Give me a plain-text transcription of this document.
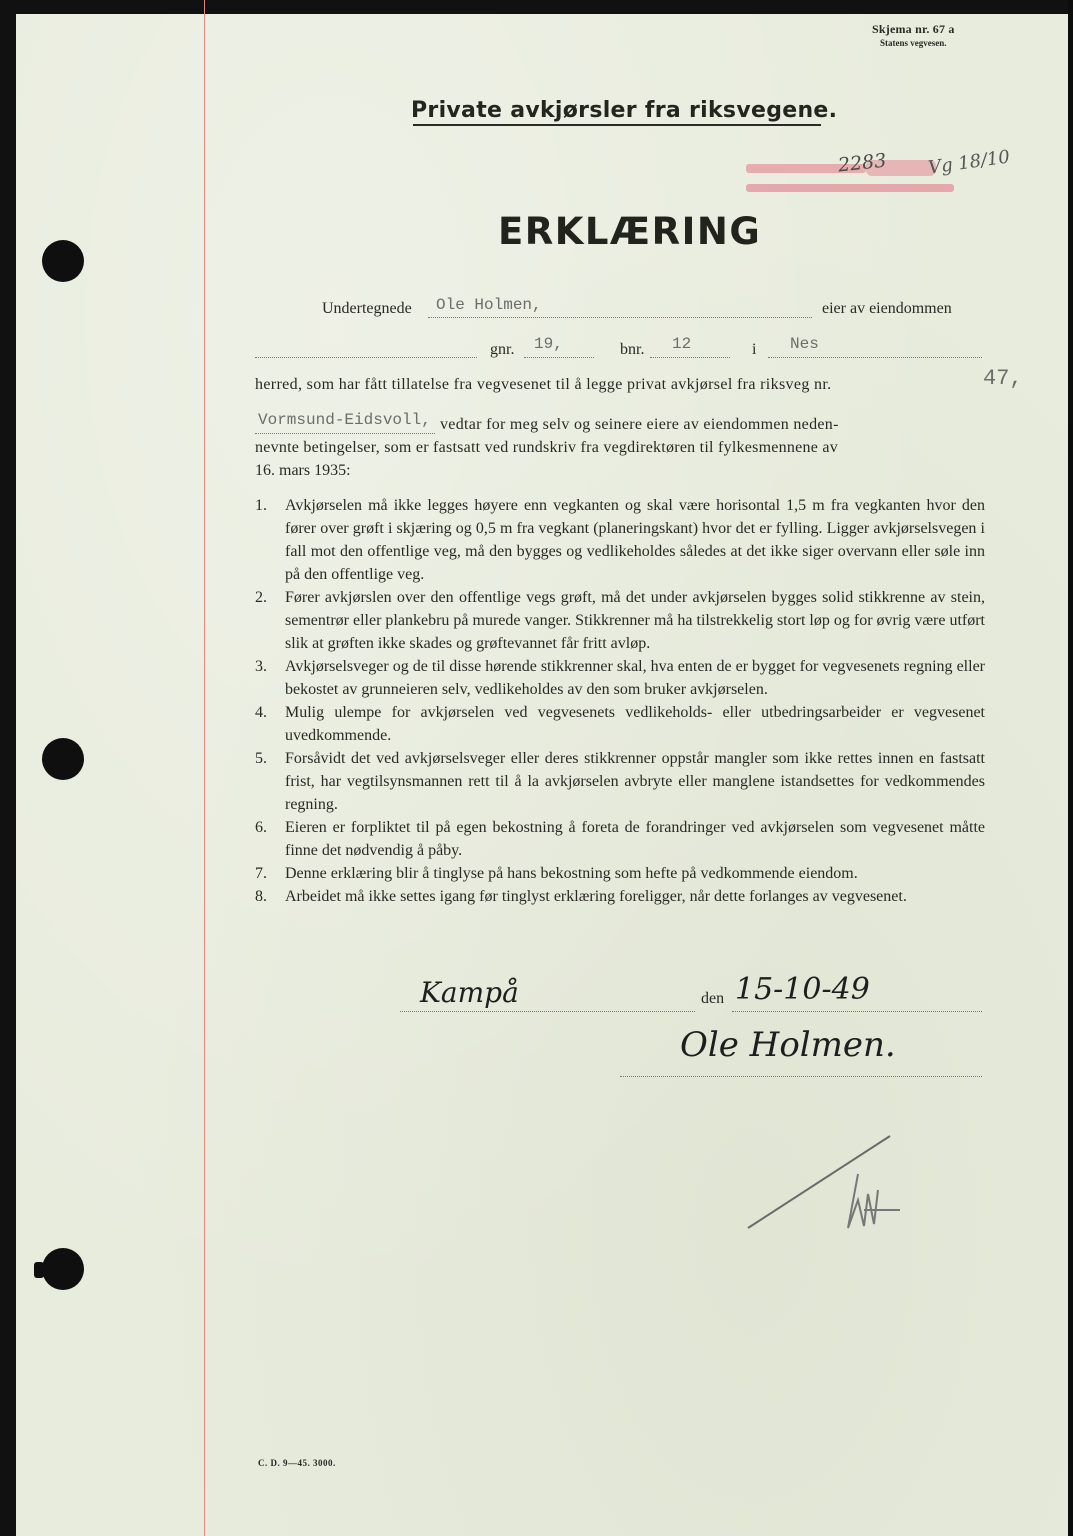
Skjema nr. 67 a
Statens vegvesen.
Private avkjørsler fra riksvegene.
2283 Vg 18/10
ERKLÆRING
Undertegnede Ole Holmen,	eier av eiendommen
gnr. 19,	bnr. 12	i Nes
herred, som har fått tillatelse fra vegvesenet til å legge privat avkjørsel fra riksveg nr.	47,
Vormsund-Eidsvoll, vedtar for meg selv og seinere eiere av eiendommen neden-
nevnte betingelser, som er fastsatt ved rundskriv fra vegdirektøren til fylkesmennene av
16. mars 1935:
1.	Avkjørselen må ikke legges høyere enn vegkanten og skal være horisontal 1,5 m fra vegkanten hvor den fører over grøft i skjæring og 0,5 m fra vegkant (planeringskant) hvor det er fylling. Ligger avkjørselsvegen i fall mot den offentlige veg, må den bygges og vedlikeholdes således at det ikke siger overvann eller søle inn på den offentlige veg.
2.	Fører avkjørslen over den offentlige vegs grøft, må det under avkjørselen bygges solid stikkrenne av stein, sementrør eller plankebru på murede vanger. Stikkrenner må ha tilstrekkelig stort løp og for øvrig være utført slik at grøften ikke skades og grøftevannet får fritt avløp.
3.	Avkjørselsveger og de til disse hørende stikkrenner skal, hva enten de er bygget for vegvesenets regning eller bekostet av grunneieren selv, vedlikeholdes av den som bruker avkjørselen.
4.	Mulig ulempe for avkjørselen ved vegvesenets vedlikeholds- eller utbedringsarbeider er vegvesenet uvedkommende.
5.	Forsåvidt det ved avkjørselsveger eller deres stikkrenner oppstår mangler som ikke rettes innen en fastsatt frist, har vegtilsynsmannen rett til å la avkjørselen avbryte eller manglene istandsettes for vedkommendes regning.
6.	Eieren er forpliktet til på egen bekostning å foreta de forandringer ved avkjørselen som vegvesenet måtte finne det nødvendig å påby.
7.	Denne erklæring blir å tinglyse på hans bekostning som hefte på vedkommende eiendom.
8.	Arbeidet må ikke settes igang før tinglyst erklæring foreligger, når dette forlanges av vegvesenet.
Kampå	den 15-10-49
Ole Holmen.
C. D. 9—45. 3000.
